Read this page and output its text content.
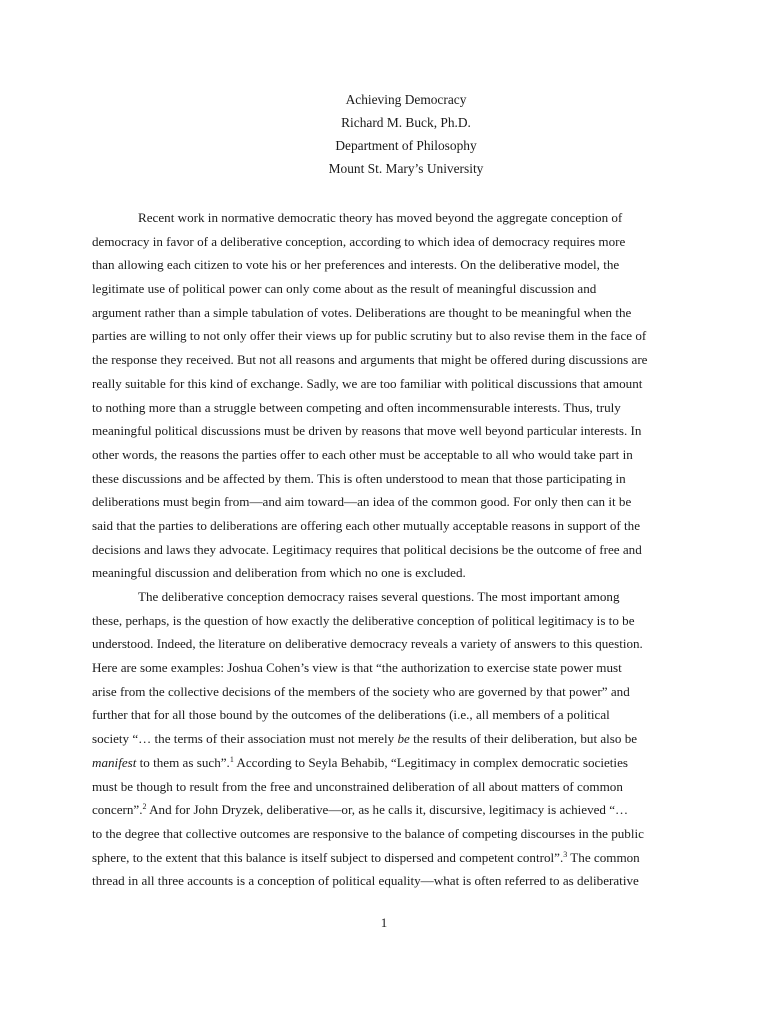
Achieving Democracy
Richard M. Buck, Ph.D.
Department of Philosophy
Mount St. Mary’s University
Recent work in normative democratic theory has moved beyond the aggregate conception of
democracy in favor of a deliberative conception, according to which idea of democracy requires more
than allowing each citizen to vote his or her preferences and interests. On the deliberative model, the
legitimate use of political power can only come about as the result of meaningful discussion and
argument rather than a simple tabulation of votes. Deliberations are thought to be meaningful when the
parties are willing to not only offer their views up for public scrutiny but to also revise them in the face of
the response they received. But not all reasons and arguments that might be offered during discussions are
really suitable for this kind of exchange. Sadly, we are too familiar with political discussions that amount
to nothing more than a struggle between competing and often incommensurable interests. Thus, truly
meaningful political discussions must be driven by reasons that move well beyond particular interests. In
other words, the reasons the parties offer to each other must be acceptable to all who would take part in
these discussions and be affected by them. This is often understood to mean that those participating in
deliberations must begin from—and aim toward—an idea of the common good. For only then can it be
said that the parties to deliberations are offering each other mutually acceptable reasons in support of the
decisions and laws they advocate. Legitimacy requires that political decisions be the outcome of free and
meaningful discussion and deliberation from which no one is excluded.
The deliberative conception democracy raises several questions. The most important among
these, perhaps, is the question of how exactly the deliberative conception of political legitimacy is to be
understood. Indeed, the literature on deliberative democracy reveals a variety of answers to this question.
Here are some examples: Joshua Cohen’s view is that “the authorization to exercise state power must
arise from the collective decisions of the members of the society who are governed by that power” and
further that for all those bound by the outcomes of the deliberations (i.e., all members of a political
society “… the terms of their association must not merely be the results of their deliberation, but also be
manifest to them as such”.$^1$ According to Seyla Behabib, “Legitimacy in complex democratic societies
must be though to result from the free and unconstrained deliberation of all about matters of common
concern”.$^2$ And for John Dryzek, deliberative—or, as he calls it, discursive, legitimacy is achieved “…
to the degree that collective outcomes are responsive to the balance of competing discourses in the public
sphere, to the extent that this balance is itself subject to dispersed and competent control”.$^3$ The common
thread in all three accounts is a conception of political equality—what is often referred to as deliberative
1
